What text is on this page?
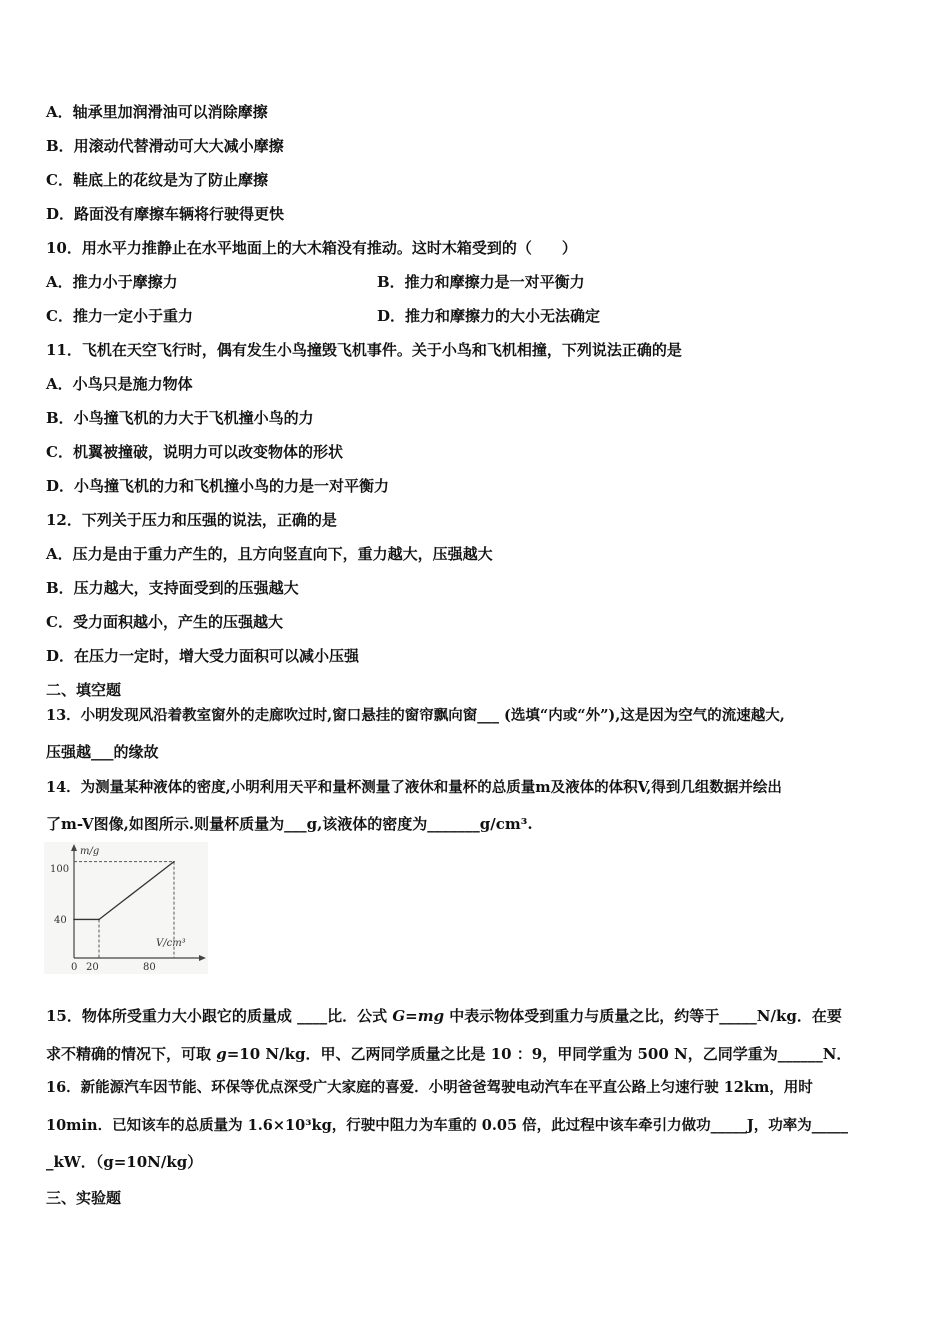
A．轴承里加润滑油可以消除摩擦
B．用滚动代替滑动可大大减小摩擦
C．鞋底上的花纹是为了防止摩擦
D．路面没有摩擦车辆将行驶得更快
10．用水平力推静止在水平地面上的大木箱没有推动。这时木箱受到的（　　）
A．推力小于摩擦力	B．推力和摩擦力是一对平衡力
C．推力一定小于重力	D．推力和摩擦力的大小无法确定
11．飞机在天空飞行时，偶有发生小鸟撞毁飞机事件。关于小鸟和飞机相撞，下列说法正确的是
A．小鸟只是施力物体
B．小鸟撞飞机的力大于飞机撞小鸟的力
C．机翼被撞破，说明力可以改变物体的形状
D．小鸟撞飞机的力和飞机撞小鸟的力是一对平衡力
12．下列关于压力和压强的说法，正确的是
A．压力是由于重力产生的，且方向竖直向下，重力越大，压强越大
B．压力越大，支持面受到的压强越大
C．受力面积越小，产生的压强越大
D．在压力一定时，增大受力面积可以减小压强
二、填空题
13．小明发现风沿着教室窗外的走廊吹过时,窗口悬挂的窗帘飘向窗___ (选填“内或“外”),这是因为空气的流速越大,
压强越___的缘故
14．为测量某种液体的密度,小明利用天平和量杯测量了液休和量杯的总质量m及液体的体积V,得到几组数据并绘出
了m-V图像,如图所示.则量杯质量为___g,该液体的密度为_______g/cm³.
m/g
V/cm³
100
40
0 20	80
15．物体所受重力大小跟它的质量成 ____比．公式 G=mg 中表示物体受到重力与质量之比，约等于_____N/kg．在要
求不精确的情况下，可取 g=10 N/kg．甲、乙两同学质量之比是 10 ：9，甲同学重为 500 N，乙同学重为______N．
16．新能源汽车因节能、环保等优点深受广大家庭的喜爱．小明爸爸驾驶电动汽车在平直公路上匀速行驶 12km，用时
10min．已知该车的总质量为 1.6×10³kg，行驶中阻力为车重的 0.05 倍，此过程中该车牵引力做功_____J，功率为_____
_kW．（g=10N/kg）
三、实验题
